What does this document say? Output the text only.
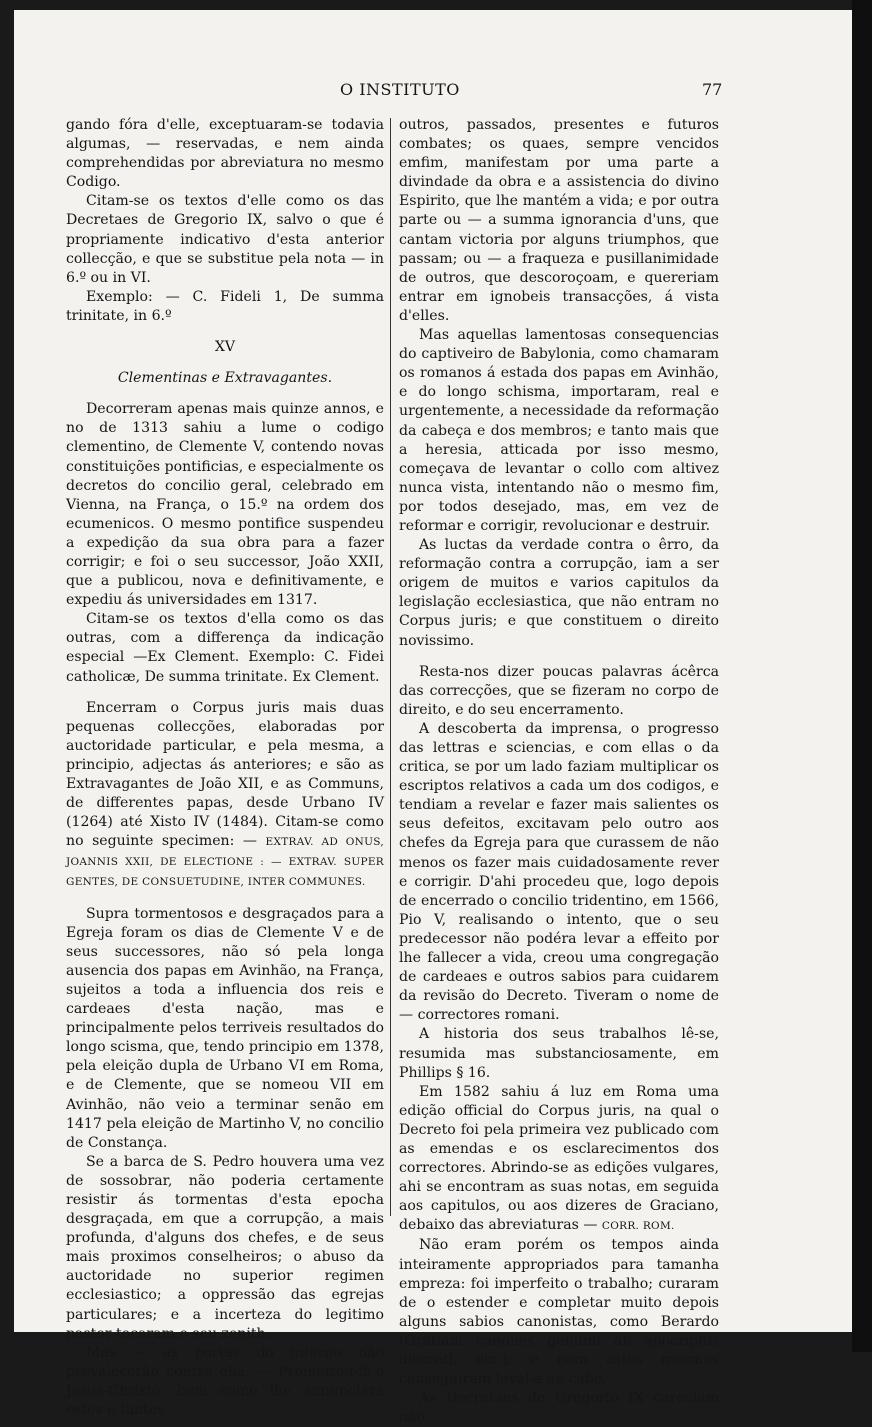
O INSTITUTO	77

gando fóra d'elle, exceptuaram-se todavia algumas, — reservadas, e nem ainda comprehendidas por abreviatura no mesmo Codigo.

Citam-se os textos d'elle como os das Decretaes de Gregorio IX, salvo o que é propriamente indicativo d'esta anterior collecção, e que se substitue pela nota — in 6.º ou in VI.

Exemplo: — C. Fideli 1, De summa trinitate, in 6.º

XV

Clementinas e Extravagantes.

Decorreram apenas mais quinze annos, e no de 1313 sahiu a lume o codigo clementino, de Clemente V, contendo novas constituições pontificias, e especialmente os decretos do concilio geral, celebrado em Vienna, na França, o 15.º na ordem dos ecumenicos. O mesmo pontifice suspendeu a expedição da sua obra para a fazer corrigir; e foi o seu successor, João XXII, que a publicou, nova e definitivamente, e expediu ás universidades em 1317.

Citam-se os textos d'ella como os das outras, com a differença da indicação especial —Ex Clement. Exemplo: C. Fidei catholicæ, De summa trinitate. Ex Clement.

Encerram o Corpus juris mais duas pequenas collecções, elaboradas por auctoridade particular, e pela mesma, a principio, adjectas ás anteriores; e são as Extravagantes de João XII, e as Communs, de differentes papas, desde Urbano IV (1264) até Xisto IV (1484). Citam-se como no seguinte specimen: — EXTRAV. AD ONUS, JOANNIS XXII, DE ELECTIONE : — EXTRAV. SUPER GENTES, DE CONSUETUDINE, INTER COMMUNES.

Supra tormentosos e desgraçados para a Egreja foram os dias de Clemente V e de seus successores, não só pela longa ausencia dos papas em Avinhão, na França, sujeitos a toda a influencia dos reis e cardeaes d'esta nação, mas e principalmente pelos terriveis resultados do longo scisma, que, tendo principio em 1378, pela eleição dupla de Urbano VI em Roma, e de Clemente, que se nomeou VII em Avinhão, não veio a terminar senão em 1417 pela eleição de Martinho V, no concilio de Constança.

Se a barca de S. Pedro houvera uma vez de sossobrar, não poderia certamente resistir ás tormentas d'esta epocha desgraçada, em que a corrupção, a mais profunda, d'alguns dos chefes, e de seus mais proximos conselheiros; o abuso da auctoridade no superior regimen ecclesiastico; a oppressão das egrejas particulares; e a incerteza do legitimo pastor tocaram o seu zenith.

Mas — as portas do inferno não prevalecerão contra ella. — Prometteu-lh'o Jesus-Christo, bem como lhe annunciára estes e tantos

outros, passados, presentes e futuros combates; os quaes, sempre vencidos emfim, manifestam por uma parte a divindade da obra e a assistencia do divino Espirito, que lhe mantém a vida; e por outra parte ou — a summa ignorancia d'uns, que cantam victoria por alguns triumphos, que passam; ou — a fraqueza e pusillanimidade de outros, que descoroçoam, e quereriam entrar em ignobeis transacções, á vista d'elles.

Mas aquellas lamentosas consequencias do captiveiro de Babylonia, como chamaram os romanos á estada dos papas em Avinhão, e do longo schisma, importaram, real e urgentemente, a necessidade da reformação da cabeça e dos membros; e tanto mais que a heresia, atticada por isso mesmo, começava de levantar o collo com altivez nunca vista, intentando não o mesmo fim, por todos desejado, mas, em vez de reformar e corrigir, revolucionar e destruir.

As luctas da verdade contra o êrro, da reformação contra a corrupção, iam a ser origem de muitos e varios capitulos da legislação ecclesiastica, que não entram no Corpus juris; e que constituem o direito novissimo.

Resta-nos dizer poucas palavras ácêrca das correcções, que se fizeram no corpo de direito, e do seu encerramento.

A descoberta da imprensa, o progresso das lettras e sciencias, e com ellas o da critica, se por um lado faziam multiplicar os escriptos relativos a cada um dos codigos, e tendiam a revelar e fazer mais salientes os seus defeitos, excitavam pelo outro aos chefes da Egreja para que curassem de não menos os fazer mais cuidadosamente rever e corrigir. D'ahi procedeu que, logo depois de encerrado o concilio tridentino, em 1566, Pio V, realisando o intento, que o seu predecessor não podéra levar a effeito por lhe fallecer a vida, creou uma congregação de cardeaes e outros sabios para cuidarem da revisão do Decreto. Tiveram o nome de — correctores romani.

A historia dos seus trabalhos lê-se, resumida mas substanciosamente, em Phillips § 16.

Em 1582 sahiu á luz em Roma uma edição official do Corpus juris, na qual o Decreto foi pela primeira vez publicado com as emendas e os esclarecimentos dos correctores. Abrindo-se as edições vulgares, ahi se encontram as suas notas, em seguida aos capitulos, ou aos dizeres de Graciano, debaixo das abreviaturas — CORR. ROM.

Não eram porém os tempos ainda inteiramente appropriados para tamanha empreza: foi imperfeito o trabalho; curaram de o estender e completar muito depois alguns sabios canonistas, como Berardo (Gratiani canones genuini ab apocriphis discreti, etc.); e nem estes mesmos conseguiram leval-a ao cabo.

As Decretaes de Gregorio IX careciam não
